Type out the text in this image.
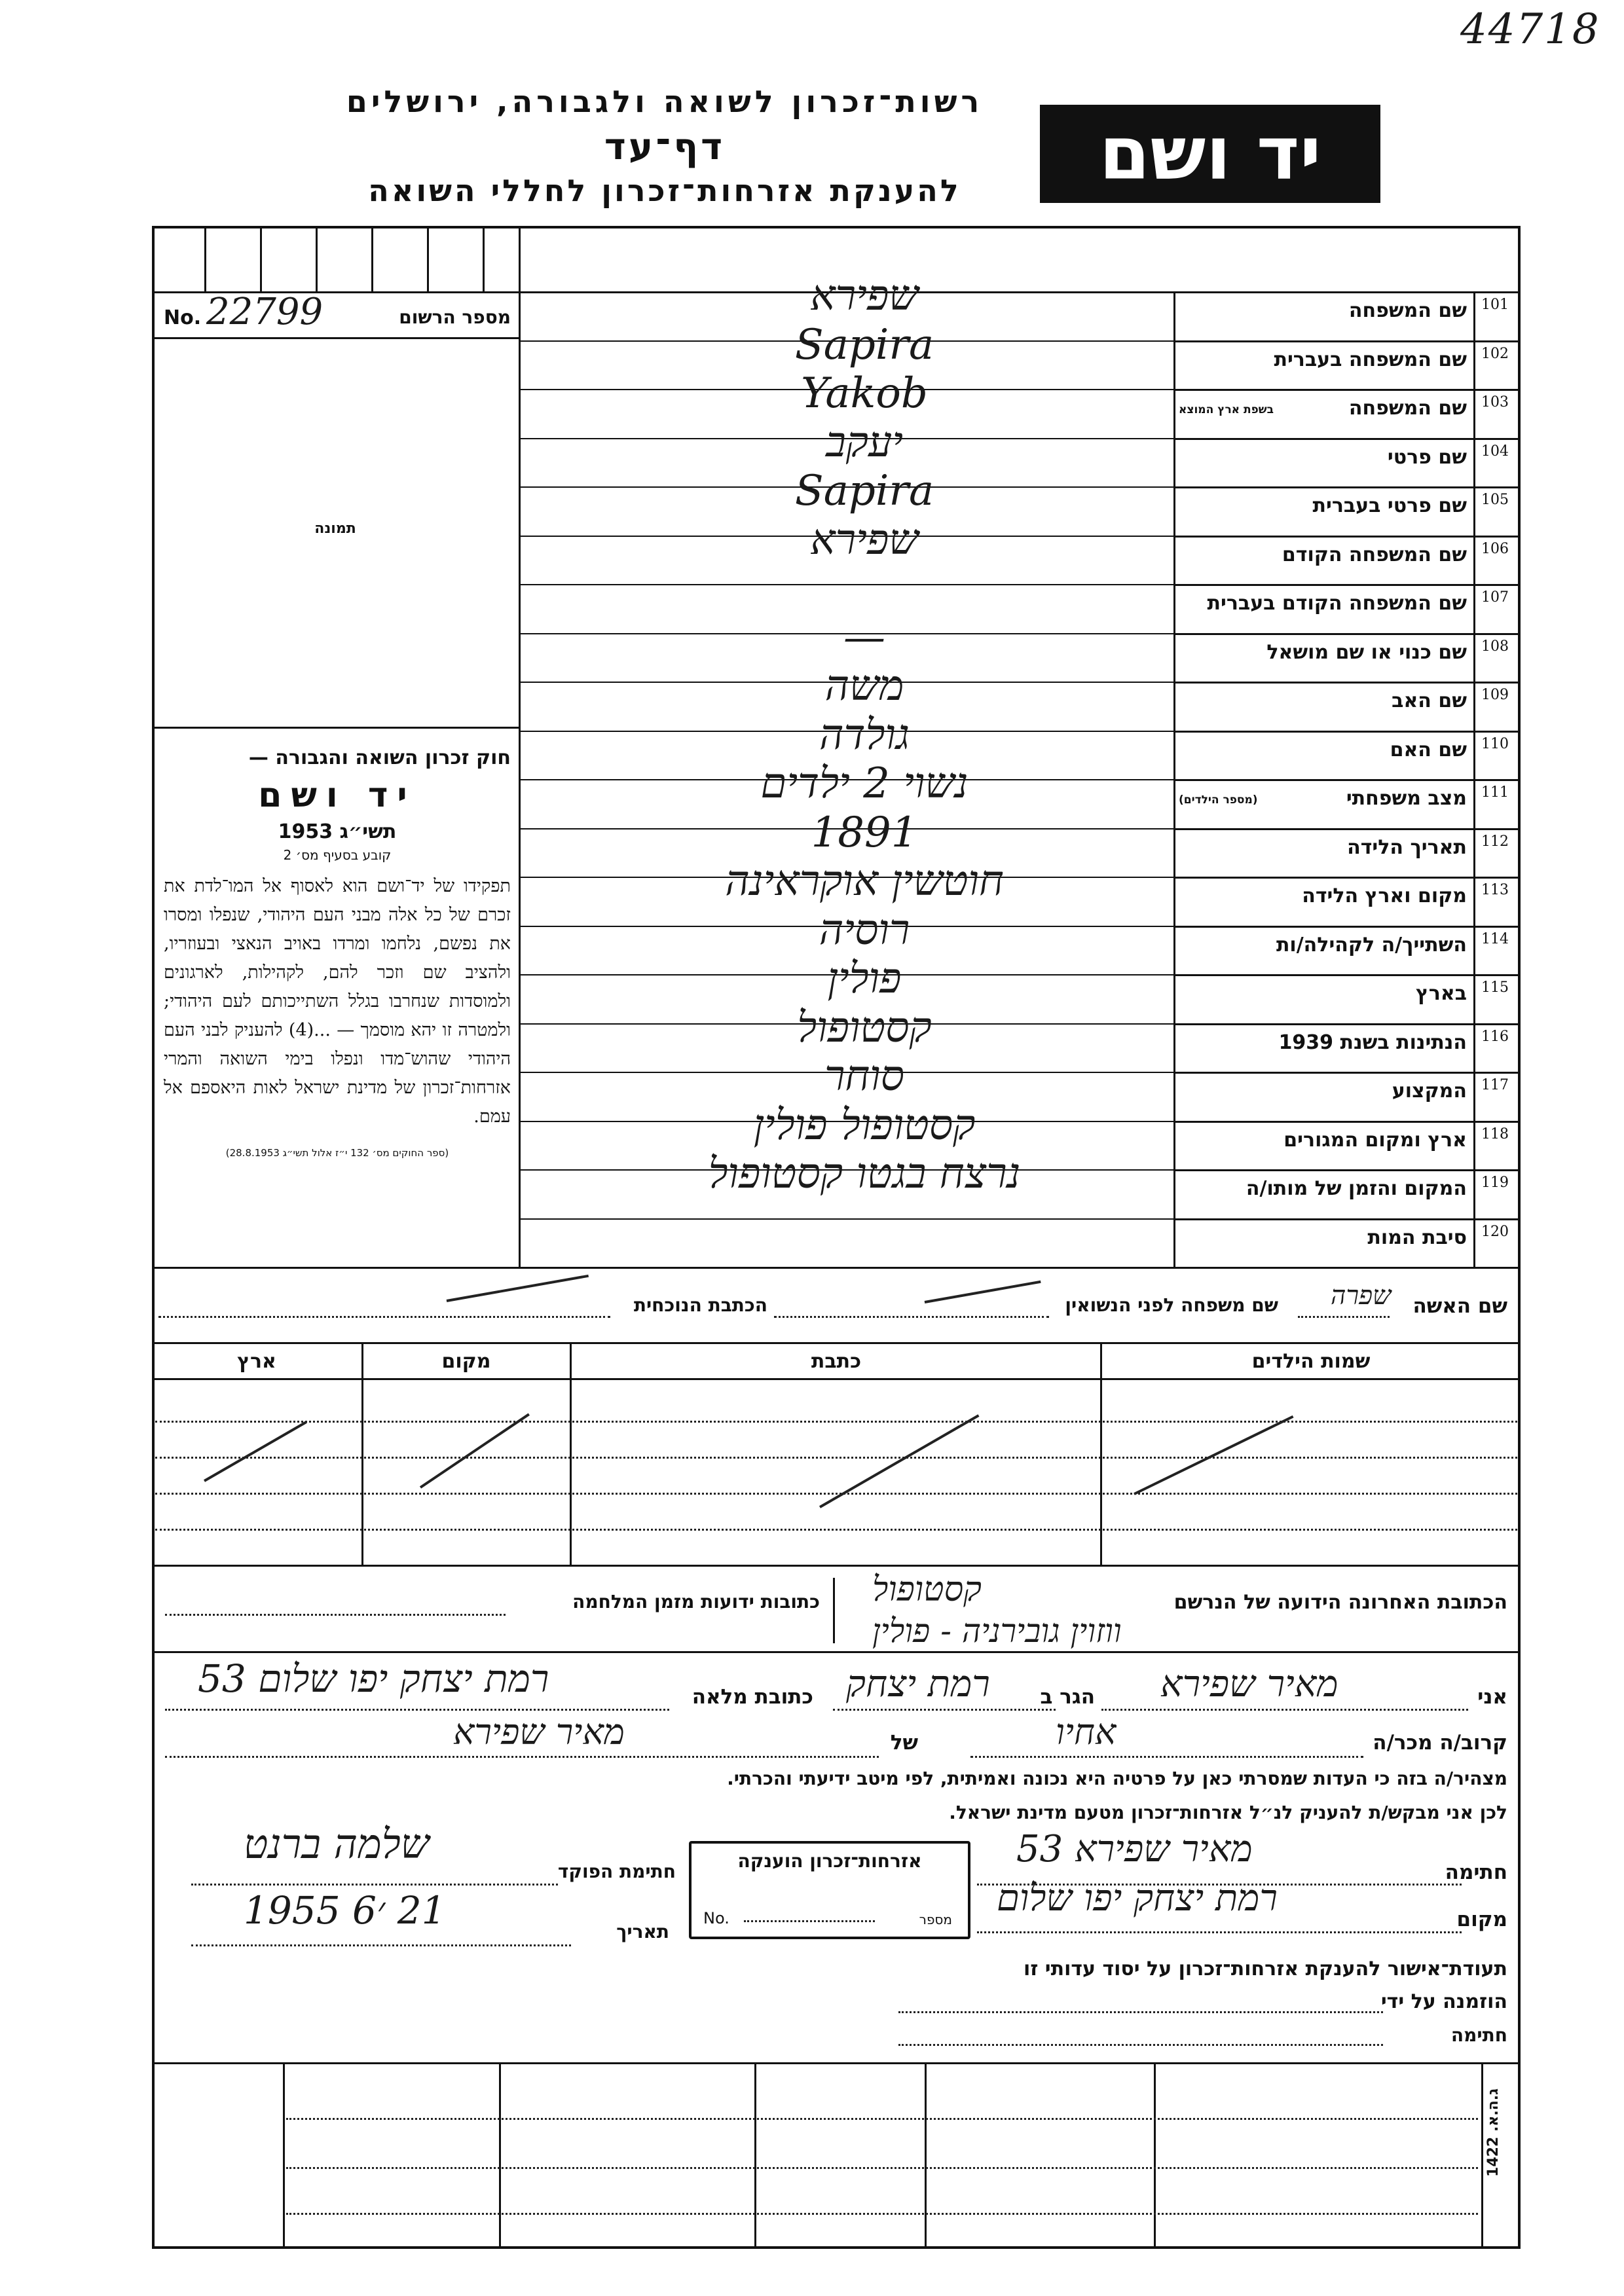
44718
יד ושם
רשות־זכרון לשואה ולגבורה, ירושלים
דף־עד
להענקת אזרחות־זכרון לחללי השואה
No. 22799	מספר הרשום
תמונה
חוק זכרון השואה והגבורה —
יד ושם
תשי״ג 1953
קובע בסעיף מס׳ 2
תפקידו של יד־ושם הוא לאסוף אל המו־לדת את זכרם של כל אלה מבני העם היהודי, שנפלו ומסרו את נפשם, נלחמו ומרדו באויב הנאצי ובעוזריו, ולהציב שם וזכר להם, לקהילות, לארגונים ולמוסדות שנחרבו בגלל השתייכותם לעם היהודי; ולמטרה זו יהא מוסמך — ...(4) להעניק לבני העם היהודי שהוש־מדו ונפלו בימי השואה והמרי אזרחות־זכרון של מדינת ישראל לאות היאספם אל עמם.
(ספר החוקים מס׳ 132 י״ז אלול תשי״ג 28.8.1953)
101
שם המשפחה
102
שם המשפחה בעברית
103
שם המשפחה
בשפת ארץ המוצא
104
שם פרטי
105
שם פרטי בעברית
106
שם המשפחה הקודם
107
שם המשפחה הקודם בעברית
108
שם כנוי או שם מושאל
109
שם האב
110
שם האם
111
מצב משפחתי
(מספר הילדים)
112
תאריך הלידה
113
מקום וארץ הלידה
114
השתייך/ה לקהילה/ות
115
בארץ
116
הנתינות בשנת 1939
117
המקצוע
118
ארץ ומקום המגורים
119
המקום והזמן של מותו/ה
120
סיבת המות
שפירא
Sapira
Yakob
יעקב
Sapira
שפירא
—
משה
גולדה
נשוי 2 ילדים
1891
חוטשין אוקראינה
רוסיה
פולין
קסטופול
סוחר
קסטופול פולין
נרצח בגטו קסטופול
שם האשה
שפרה
שם משפחה לפני הנשואין
הכתבת הנוכחית
שמות הילדים
כתבת
מקום
ארץ
הכתובת האחרונה הידועה של הנרשם
קסטופול
ווזוין גובירניה - פולין
כתובות ידועות מזמן המלחמה
אני
מאיר שפירא
הגר ב
רמת יצחק
כתובת מלאה
רמת יצחק יפו שלום 53
קרוב/ה מכר/ה
אחיו
של
מאיר שפירא
מצהיר/ה בזה כי העדות שמסרתי כאן על פרטיה היא נכונה ואמיתית, לפי מיטב ידיעתי והכרתי.
לכן אני מבקש/ת להעניק לנ״ל אזרחות־זכרון מטעם מדינת ישראל.
חתימה
מאיר שפירא 53
מקום
רמת יצחק יפו שלום
אזרחות־זכרון הוענקה
No.	מספר
חתימת הפוקד
שלמה ברנט
תאריך
21 ׳6 1955
תעודת־אישור להענקת אזרחות־זכרון על יסוד עדותי זו
הוזמנה על ידי
חתימה
ג.ה.א. 1422
